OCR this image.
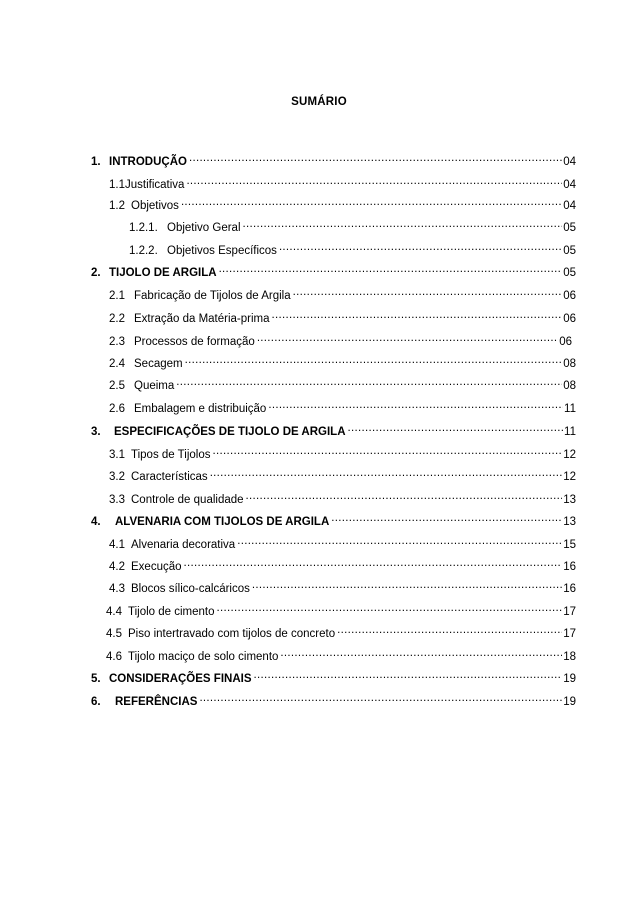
SUMÁRIO
1. INTRODUÇÃO .....	04
1.1 Justificativa .....	04
1.2 Objetivos .....	04
1.2.1. Objetivo Geral .....	05
1.2.2. Objetivos Específicos .....	05
2. TIJOLO DE ARGILA .....	05
2.1 Fabricação de Tijolos de Argila .....	06
2.2 Extração da Matéria-prima .....	06
2.3 Processos de formação .....	06
2.4 Secagem .....	08
2.5 Queima .....	08
2.6 Embalagem e distribuição .....	11
3.	ESPECIFICAÇÕES DE TIJOLO DE ARGILA .....	11
3.1 Tipos de Tijolos .....	12
3.2 Características .....	12
3.3 Controle de qualidade .....	13
4.	ALVENARIA COM TIJOLOS DE ARGILA .....	13
4.1 Alvenaria decorativa .....	15
4.2 Execução .....	16
4.3 Blocos sílico-calcáricos .....	16
4.4 Tijolo de cimento .....	17
4.5 Piso intertravado com tijolos de concreto .....	17
4.6 Tijolo maciço de solo cimento .....	18
5. CONSIDERAÇÕES FINAIS .....	19
6.	REFERÊNCIAS .....	19
